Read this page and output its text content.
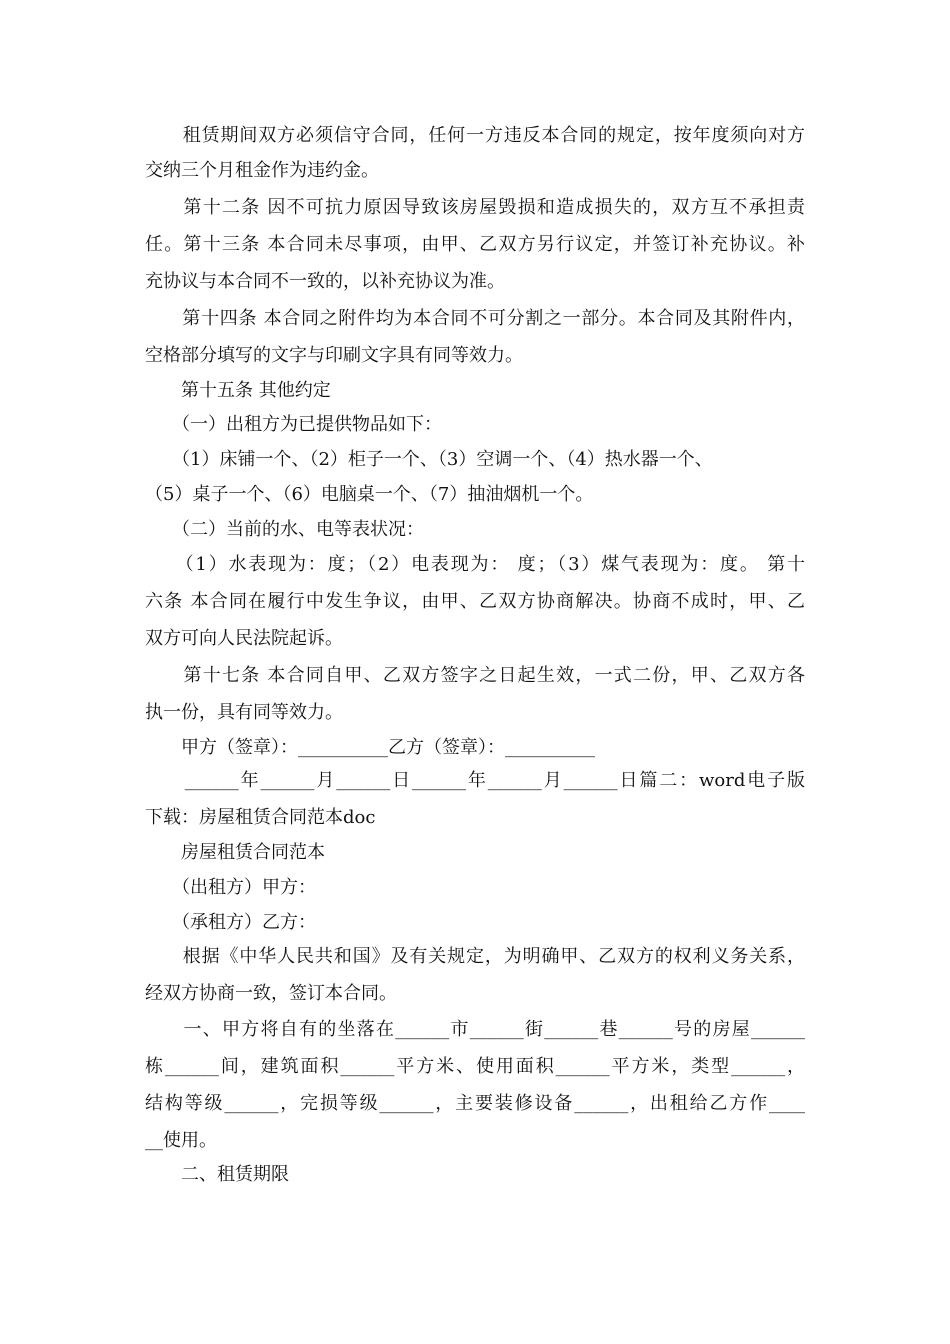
　　租赁期间双方必须信守合同，任何一方违反本合同的规定，按年度须向对方
交纳三个月租金作为违约金。
　　第十二条 因不可抗力原因导致该房屋毁损和造成损失的，双方互不承担责
任。第十三条 本合同未尽事项，由甲、乙双方另行议定，并签订补充协议。补
充协议与本合同不一致的，以补充协议为准。
　　第十四条 本合同之附件均为本合同不可分割之一部分。本合同及其附件内，
空格部分填写的文字与印刷文字具有同等效力。
　　第十五条 其他约定
　　（一）出租方为已提供物品如下：
　　（1）床铺一个、（2）柜子一个、（3）空调一个、（4）热水器一个、
（5）桌子一个、（6）电脑桌一个、（7）抽油烟机一个。
　　（二）当前的水、电等表状况：
　　（1）水表现为：度；（2）电表现为： 度；（3）煤气表现为：度。 第十
六条 本合同在履行中发生争议，由甲、乙双方协商解决。协商不成时，甲、乙
双方可向人民法院起诉。
　　第十七条 本合同自甲、乙双方签字之日起生效，一式二份，甲、乙双方各
执一份，具有同等效力。
　　甲方（签章）：__________乙方（签章）：__________
　　______年______月______日______年______月______日篇二：word电子版
下载：房屋租赁合同范本doc
　　房屋租赁合同范本
　　（出租方）甲方：
　　（承租方）乙方：
　　根据《中华人民共和国》及有关规定，为明确甲、乙双方的权利义务关系，
经双方协商一致，签订本合同。
　　一、甲方将自有的坐落在______市______街______巷______号的房屋______
栋______间，建筑面积______平方米、使用面积______平方米，类型______，
结构等级______，完损等级______，主要装修设备______，出租给乙方作____
__使用。
　　二、租赁期限
